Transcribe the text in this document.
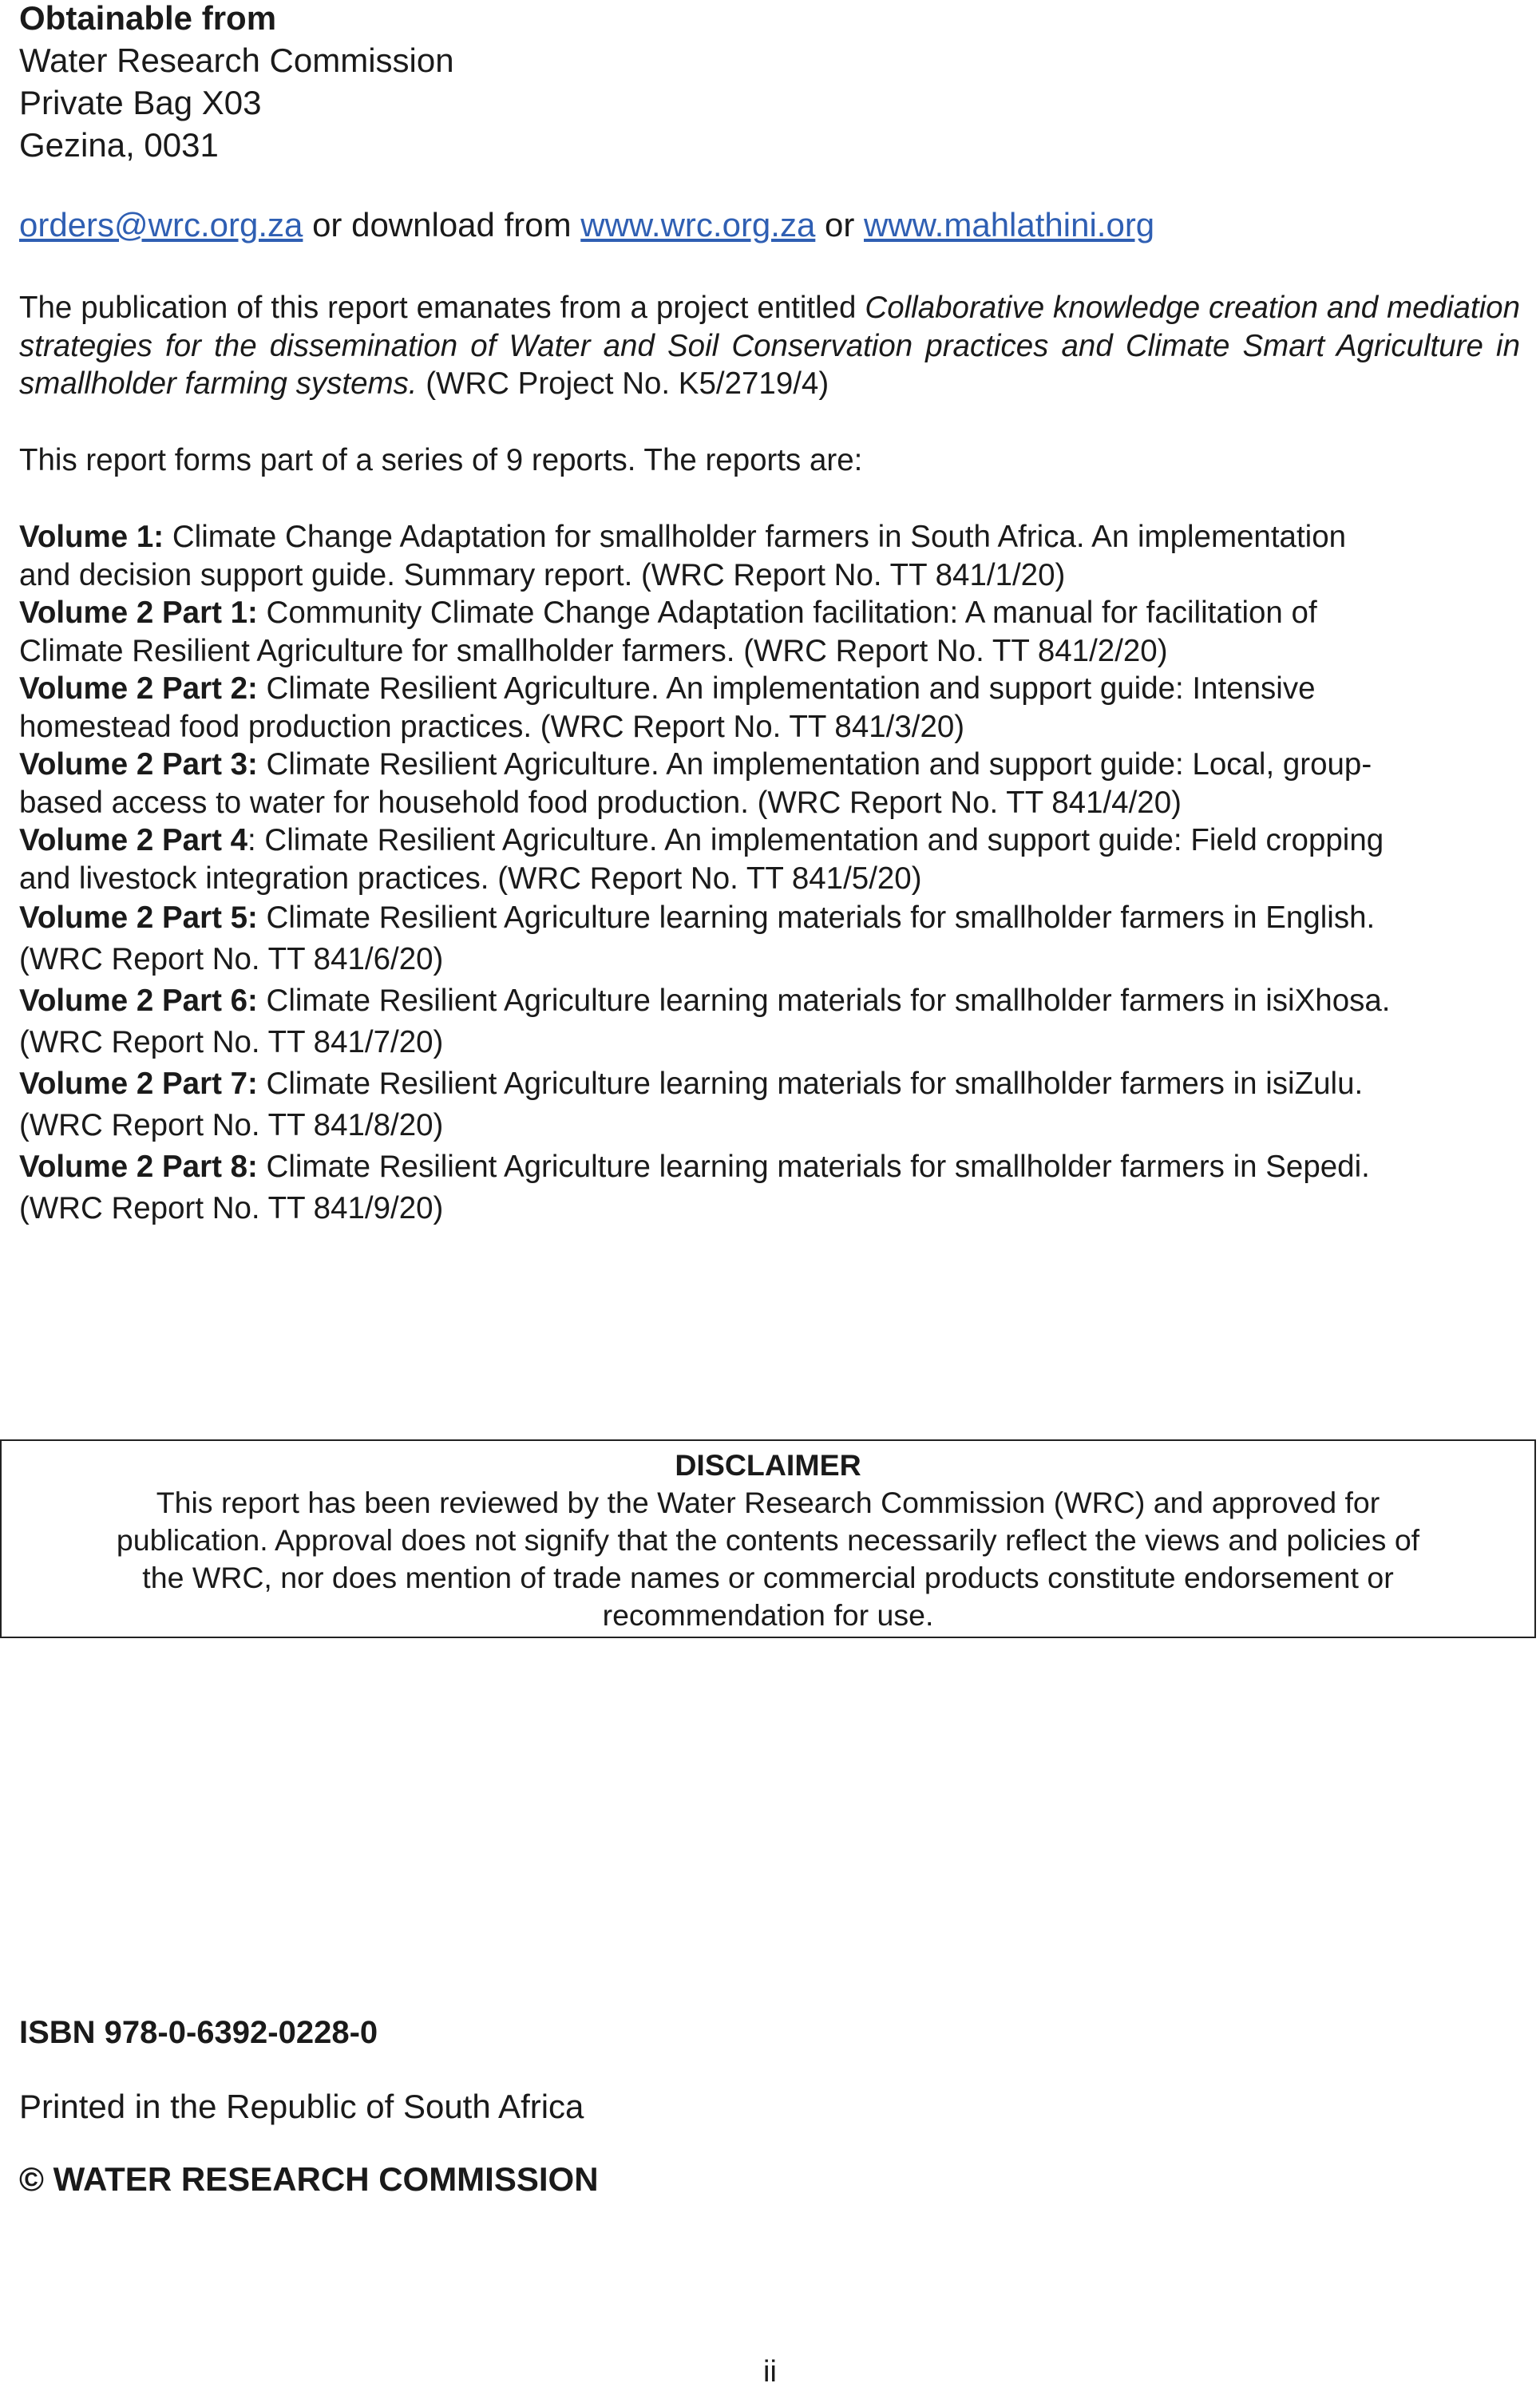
Obtainable from
Water Research Commission
Private Bag X03
Gezina, 0031
orders@wrc.org.za or download from www.wrc.org.za or www.mahlathini.org
The publication of this report emanates from a project entitled Collaborative knowledge creation and mediation strategies for the dissemination of Water and Soil Conservation practices and Climate Smart Agriculture in smallholder farming systems. (WRC Project No. K5/2719/4)
This report forms part of a series of 9 reports. The reports are:
Volume 1: Climate Change Adaptation for smallholder farmers in South Africa. An implementation
and decision support guide. Summary report. (WRC Report No. TT 841/1/20)
Volume 2 Part 1: Community Climate Change Adaptation facilitation: A manual for facilitation of
Climate Resilient Agriculture for smallholder farmers. (WRC Report No. TT 841/2/20)
Volume 2 Part 2: Climate Resilient Agriculture. An implementation and support guide: Intensive
homestead food production practices. (WRC Report No. TT 841/3/20)
Volume 2 Part 3: Climate Resilient Agriculture. An implementation and support guide: Local, group-
based access to water for household food production. (WRC Report No. TT 841/4/20)
Volume 2 Part 4: Climate Resilient Agriculture. An implementation and support guide: Field cropping
and livestock integration practices. (WRC Report No. TT 841/5/20)
Volume 2 Part 5: Climate Resilient Agriculture learning materials for smallholder farmers in English.
(WRC Report No. TT 841/6/20)
Volume 2 Part 6: Climate Resilient Agriculture learning materials for smallholder farmers in isiXhosa.
(WRC Report No. TT 841/7/20)
Volume 2 Part 7: Climate Resilient Agriculture learning materials for smallholder farmers in isiZulu.
(WRC Report No. TT 841/8/20)
Volume 2 Part 8: Climate Resilient Agriculture learning materials for smallholder farmers in Sepedi.
(WRC Report No. TT 841/9/20)
DISCLAIMER
This report has been reviewed by the Water Research Commission (WRC) and approved for
publication. Approval does not signify that the contents necessarily reflect the views and policies of
the WRC, nor does mention of trade names or commercial products constitute endorsement or
recommendation for use.
ISBN 978-0-6392-0228-0
Printed in the Republic of South Africa
© WATER RESEARCH COMMISSION
ii
